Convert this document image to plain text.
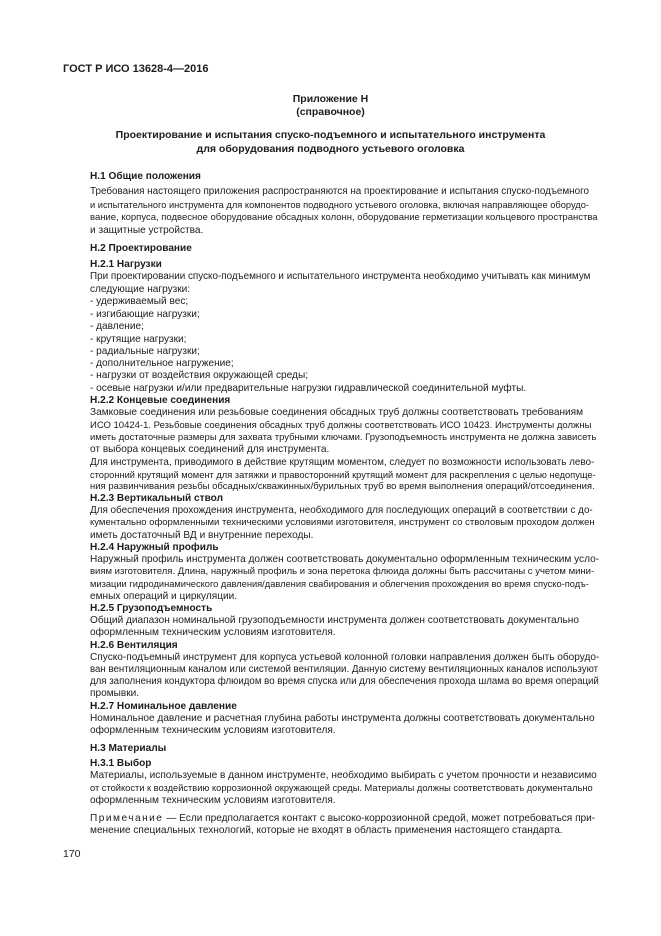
ГОСТ Р ИСО 13628-4—2016
Приложение Н
(справочное)
Проектирование и испытания спуско-подъемного и испытательного инструмента
для оборудования подводного устьевого оголовка
Н.1 Общие положения
Требования настоящего приложения распространяются на проектирование и испытания спуско-подъемного
и испытательного инструмента для компонентов подводного устьевого оголовка, включая направляющее оборудо-
вание, корпуса, подвесное оборудование обсадных колонн, оборудование герметизации кольцевого пространства
и защитные устройства.
Н.2 Проектирование
Н.2.1 Нагрузки
При проектировании спуско-подъемного и испытательного инструмента необходимо учитывать как минимум
следующие нагрузки:
- удерживаемый вес;
- изгибающие нагрузки;
- давление;
- крутящие нагрузки;
- радиальные нагрузки;
- дополнительное нагружение;
- нагрузки от воздействия окружающей среды;
- осевые нагрузки и/или предварительные нагрузки гидравлической соединительной муфты.
Н.2.2 Концевые соединения
Замковые соединения или резьбовые соединения обсадных труб должны соответствовать требованиям
ИСО 10424-1. Резьбовые соединения обсадных труб должны соответствовать ИСО 10423. Инструменты должны
иметь достаточные размеры для захвата трубными ключами. Грузоподъемность инструмента не должна зависеть
от выбора концевых соединений для инструмента.
Для инструмента, приводимого в действие крутящим моментом, следует по возможности использовать лево-
сторонний крутящий момент для затяжки и правосторонний крутящий момент для раскрепления с целью недопуще-
ния развинчивания резьбы обсадных/скважинных/бурильных труб во время выполнения операций/отсоединения.
Н.2.3 Вертикальный ствол
Для обеспечения прохождения инструмента, необходимого для последующих операций в соответствии с до-
кументально оформленными техническими условиями изготовителя, инструмент со стволовым проходом должен
иметь достаточный ВД и внутренние переходы.
Н.2.4 Наружный профиль
Наружный профиль инструмента должен соответствовать документально оформленным техническим усло-
виям изготовителя. Длина, наружный профиль и зона перетока флюида должны быть рассчитаны с учетом мини-
мизации гидродинамического давления/давления свабирования и облегчения прохождения во время спуско-подъ-
емных операций и циркуляции.
Н.2.5 Грузоподъемность
Общий диапазон номинальной грузоподъемности инструмента должен соответствовать документально
оформленным техническим условиям изготовителя.
Н.2.6 Вентиляция
Спуско-подъемный инструмент для корпуса устьевой колонной головки направления должен быть оборудо-
ван вентиляционным каналом или системой вентиляции. Данную систему вентиляционных каналов используют
для заполнения кондуктора флюидом во время спуска или для обеспечения прохода шлама во время операций
промывки.
Н.2.7 Номинальное давление
Номинальное давление и расчетная глубина работы инструмента должны соответствовать документально
оформленным техническим условиям изготовителя.
Н.3 Материалы
Н.3.1 Выбор
Материалы, используемые в данном инструменте, необходимо выбирать с учетом прочности и независимо
от стойкости к воздействию коррозионной окружающей среды. Материалы должны соответствовать документально
оформленным техническим условиям изготовителя.
Примечание — Если предполагается контакт с высоко-коррозионной средой, может потребоваться при-
менение специальных технологий, которые не входят в область применения настоящего стандарта.
170
